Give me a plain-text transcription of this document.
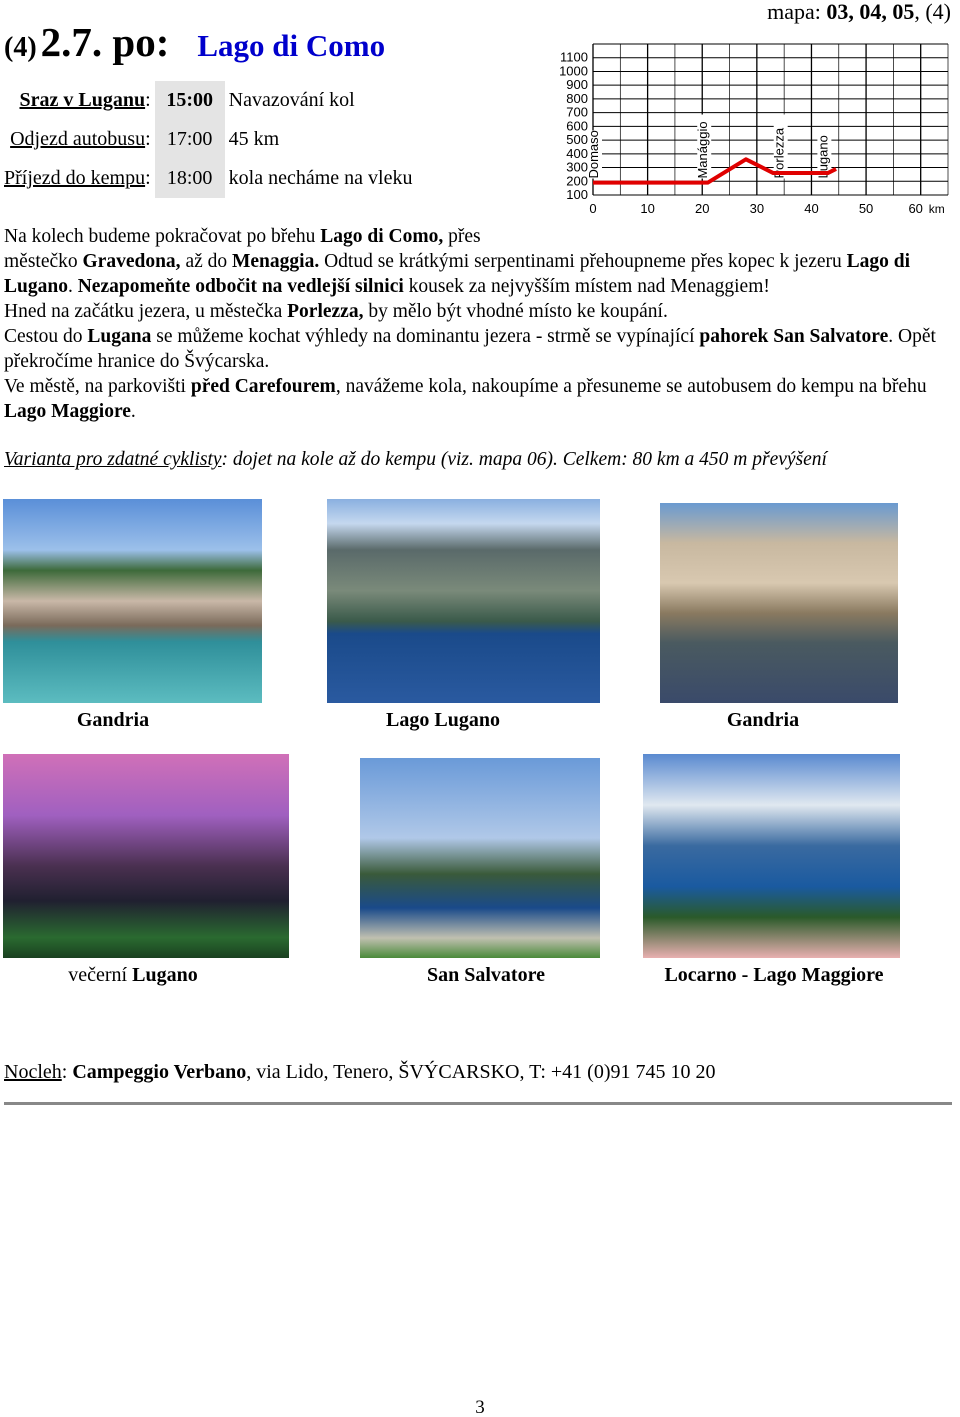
(4) 2.7. po: Lago di Como
mapa: 03, 04, 05, (4)
Sraz v Luganu:	15:00	Navazování kol
Odjezd autobusu:	17:00	45 km
Příjezd do kempu:	18:00	kola necháme na vleku
100
200
300
400
500
600
700
800
900
1000
1100
0	10	20	30	40	50	60 km
Domaso	Manággio	Porlezza Lugano

Na kolech budeme pokračovat po břehu Lago di Como, přes

městečko Gravedona, až do Menaggia. Odtud se krátkými serpentinami přehoupneme přes kopec k jezeru Lago di Lugano. Nezapomeňte odbočit na vedlejší silnici kousek za nejvyšším místem nad Menaggiem!

Hned na začátku jezera, u městečka Porlezza, by mělo být vhodné místo ke koupání.

Cestou do Lugana se můžeme kochat výhledy na dominantu jezera - strmě se vypínající pahorek San Salvatore. Opět překročíme hranice do Švýcarska.

Ve městě, na parkovišti před Carefourem, navážeme kola, nakoupíme a přesuneme se autobusem do kempu na břehu Lago Maggiore.

Varianta pro zdatné cyklisty: dojet na kole až do kempu (viz. mapa 06). Celkem: 80 km a 450 m převýšení
Gandria	Lago Lugano	Gandria
večerní Lugano	San Salvatore	Locarno - Lago Maggiore
Nocleh: Campeggio Verbano, via Lido, Tenero, ŠVÝCARSKO, T: +41 (0)91 745 10 20
3
